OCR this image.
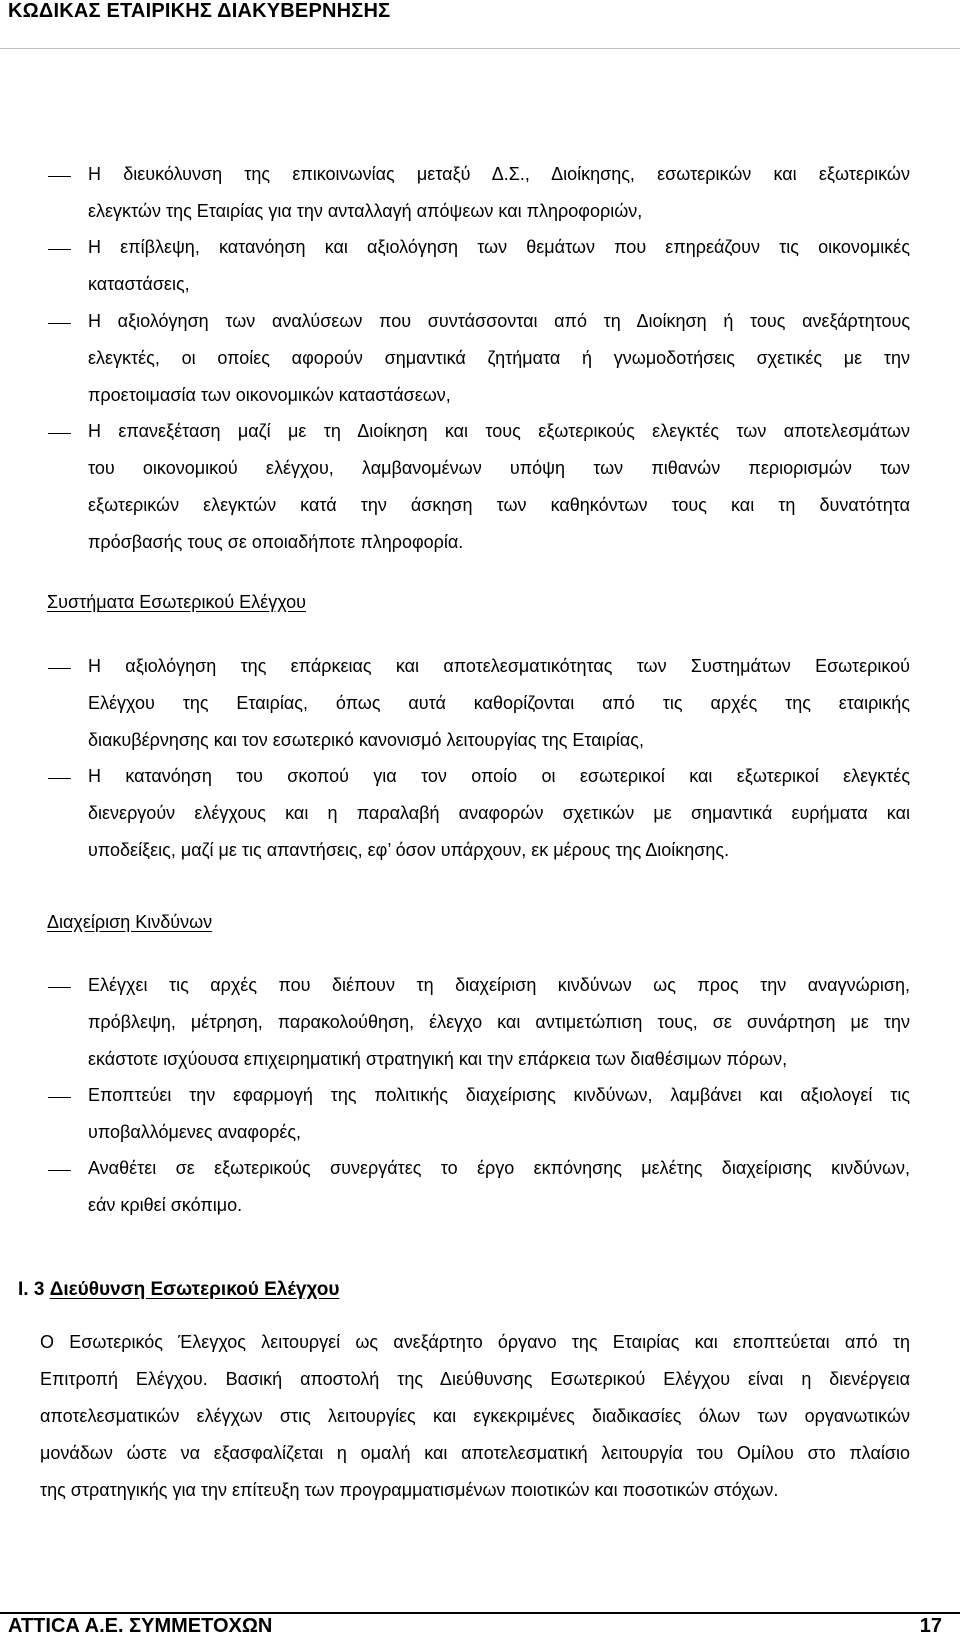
ΚΩΔΙΚΑΣ ΕΤΑΙΡΙΚΗΣ ΔΙΑΚΥΒΕΡΝΗΣΗΣ
Η διευκόλυνση της επικοινωνίας μεταξύ Δ.Σ., Διοίκησης, εσωτερικών και εξωτερικών
ελεγκτών της Εταιρίας για την ανταλλαγή απόψεων και πληροφοριών,
Η επίβλεψη, κατανόηση και αξιολόγηση των θεμάτων που επηρεάζουν τις οικονομικές
καταστάσεις,
Η αξιολόγηση των αναλύσεων που συντάσσονται από τη Διοίκηση ή τους ανεξάρτητους
ελεγκτές, οι οποίες αφορούν σημαντικά ζητήματα ή γνωμοδοτήσεις σχετικές με την
προετοιμασία των οικονομικών καταστάσεων,
Η επανεξέταση μαζί με τη Διοίκηση και τους εξωτερικούς ελεγκτές των αποτελεσμάτων
του οικονομικού ελέγχου, λαμβανομένων υπόψη των πιθανών περιορισμών των
εξωτερικών ελεγκτών κατά την άσκηση των καθηκόντων τους και τη δυνατότητα
πρόσβασής τους σε οποιαδήποτε πληροφορία.
Συστήματα Εσωτερικού Ελέγχου
Η αξιολόγηση της επάρκειας και αποτελεσματικότητας των Συστημάτων Εσωτερικού
Ελέγχου της Εταιρίας, όπως αυτά καθορίζονται από τις αρχές της εταιρικής
διακυβέρνησης και τον εσωτερικό κανονισμό λειτουργίας της Εταιρίας,
Η κατανόηση του σκοπού για τον οποίο οι εσωτερικοί και εξωτερικοί ελεγκτές
διενεργούν ελέγχους και η παραλαβή αναφορών σχετικών με σημαντικά ευρήματα και
υποδείξεις, μαζί με τις απαντήσεις, εφ’ όσον υπάρχουν, εκ μέρους της Διοίκησης.
Διαχείριση Κινδύνων
Ελέγχει τις αρχές που διέπουν τη διαχείριση κινδύνων ως προς την αναγνώριση,
πρόβλεψη, μέτρηση, παρακολούθηση, έλεγχο και αντιμετώπιση τους, σε συνάρτηση με την
εκάστοτε ισχύουσα επιχειρηματική στρατηγική και την επάρκεια των διαθέσιμων πόρων,
Εποπτεύει την εφαρμογή της πολιτικής διαχείρισης κινδύνων, λαμβάνει και αξιολογεί τις
υποβαλλόμενες αναφορές,
Αναθέτει σε εξωτερικούς συνεργάτες το έργο εκπόνησης μελέτης διαχείρισης κινδύνων,
εάν κριθεί σκόπιμο.
Ι. 3 Διεύθυνση Εσωτερικού Ελέγχου
Ο Εσωτερικός Έλεγχος λειτουργεί ως ανεξάρτητο όργανο της Εταιρίας και εποπτεύεται από τη
Επιτροπή Ελέγχου. Βασική αποστολή της Διεύθυνσης Εσωτερικού Ελέγχου είναι η διενέργεια
αποτελεσματικών ελέγχων στις λειτουργίες και εγκεκριμένες διαδικασίες όλων των οργανωτικών
μονάδων ώστε να εξασφαλίζεται η ομαλή και αποτελεσματική λειτουργία του Ομίλου στο πλαίσιο
της στρατηγικής για την επίτευξη των προγραμματισμένων ποιοτικών και ποσοτικών στόχων.
ATTICA Α.Ε. ΣΥΜΜΕΤΟΧΩΝ	17
